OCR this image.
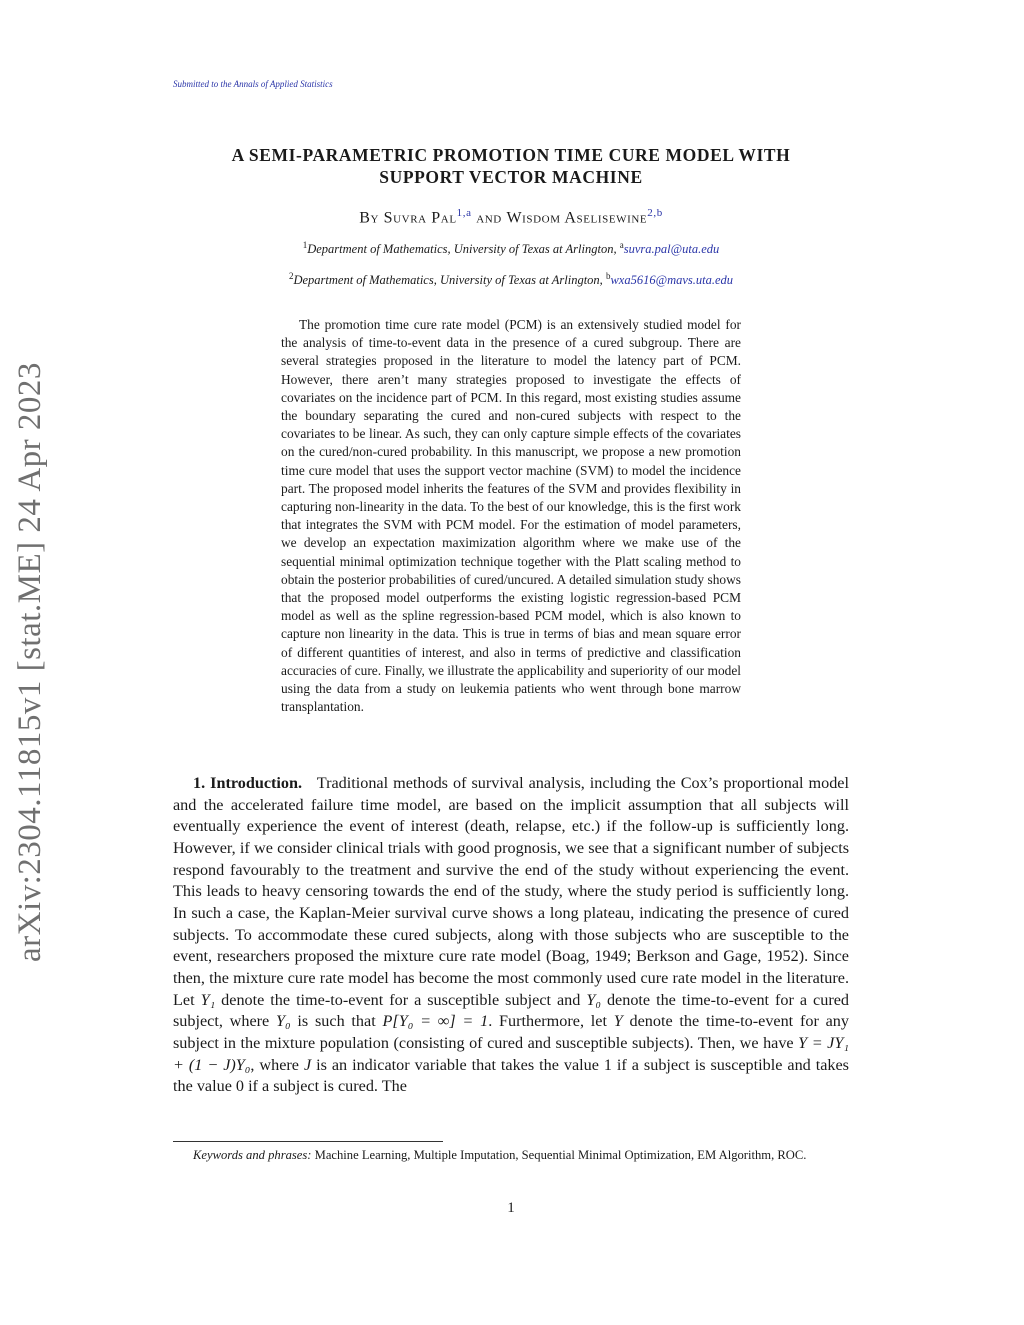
Submitted to the Annals of Applied Statistics
arXiv:2304.11815v1 [stat.ME] 24 Apr 2023
A SEMI-PARAMETRIC PROMOTION TIME CURE MODEL WITH
SUPPORT VECTOR MACHINE
By Suvra Pal$^{1,a}$ and Wisdom Aselisewine$^{2,b}$
$^1$Department of Mathematics, University of Texas at Arlington, $^a$suvra.pal@uta.edu
$^2$Department of Mathematics, University of Texas at Arlington, $^b$wxa5616@mavs.uta.edu
The promotion time cure rate model (PCM) is an extensively studied model for the analysis of time-to-event data in the presence of a cured subgroup. There are several strategies proposed in the literature to model the latency part of PCM. However, there aren’t many strategies proposed to investigate the effects of covariates on the incidence part of PCM. In this regard, most existing studies assume the boundary separating the cured and non-cured subjects with respect to the covariates to be linear. As such, they can only capture simple effects of the covariates on the cured/non-cured probability. In this manuscript, we propose a new promotion time cure model that uses the support vector machine (SVM) to model the incidence part. The proposed model inherits the features of the SVM and provides flexibility in capturing non-linearity in the data. To the best of our knowledge, this is the first work that integrates the SVM with PCM model. For the estimation of model parameters, we develop an expectation maximization algorithm where we make use of the sequential minimal optimization technique together with the Platt scaling method to obtain the posterior probabilities of cured/uncured. A detailed simulation study shows that the proposed model outperforms the existing logistic regression-based PCM model as well as the spline regression-based PCM model, which is also known to capture non linearity in the data. This is true in terms of bias and mean square error of different quantities of interest, and also in terms of predictive and classification accuracies of cure. Finally, we illustrate the applicability and superiority of our model using the data from a study on leukemia patients who went through bone marrow transplantation.
1. Introduction. Traditional methods of survival analysis, including the Cox’s proportional model and the accelerated failure time model, are based on the implicit assumption that all subjects will eventually experience the event of interest (death, relapse, etc.) if the follow-up is sufficiently long. However, if we consider clinical trials with good prognosis, we see that a significant number of subjects respond favourably to the treatment and survive the end of the study without experiencing the event. This leads to heavy censoring towards the end of the study, where the study period is sufficiently long. In such a case, the Kaplan-Meier survival curve shows a long plateau, indicating the presence of cured subjects. To accommodate these cured subjects, along with those subjects who are susceptible to the event, researchers proposed the mixture cure rate model (Boag, 1949; Berkson and Gage, 1952). Since then, the mixture cure rate model has become the most commonly used cure rate model in the literature. Let Y₁ denote the time-to-event for a susceptible subject and Y₀ denote the time-to-event for a cured subject, where Y₀ is such that P[Y₀ = ∞] = 1. Furthermore, let Y denote the time-to-event for any subject in the mixture population (consisting of cured and susceptible subjects). Then, we have Y = JY₁ + (1 − J)Y₀, where J is an indicator variable that takes the value 1 if a subject is susceptible and takes the value 0 if a subject is cured. The
Keywords and phrases: Machine Learning, Multiple Imputation, Sequential Minimal Optimization, EM Algorithm, ROC.
1
